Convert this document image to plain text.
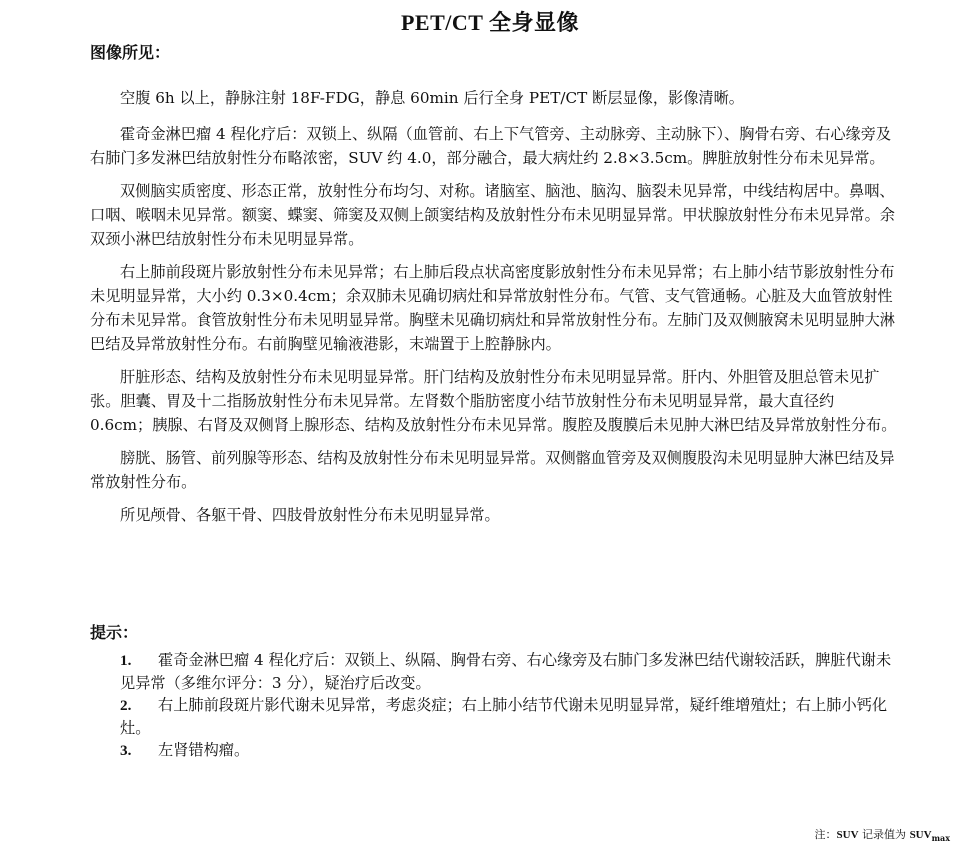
PET/CT 全身显像
图像所见：

空腹 6h 以上，静脉注射 18F-FDG，静息 60min 后行全身 PET/CT 断层显像，影像清晰。

霍奇金淋巴瘤 4 程化疗后：双锁上、纵隔（血管前、右上下气管旁、主动脉旁、主动脉下）、胸骨右旁、右心缘旁及右肺门多发淋巴结放射性分布略浓密，SUV 约 4.0，部分融合，最大病灶约 2.8×3.5cm。脾脏放射性分布未见异常。

双侧脑实质密度、形态正常，放射性分布均匀、对称。诸脑室、脑池、脑沟、脑裂未见异常，中线结构居中。鼻咽、口咽、喉咽未见异常。额窦、蝶窦、筛窦及双侧上颌窦结构及放射性分布未见明显异常。甲状腺放射性分布未见异常。余双颈小淋巴结放射性分布未见明显异常。

右上肺前段斑片影放射性分布未见异常；右上肺后段点状高密度影放射性分布未见异常；右上肺小结节影放射性分布未见明显异常，大小约 0.3×0.4cm；余双肺未见确切病灶和异常放射性分布。气管、支气管通畅。心脏及大血管放射性分布未见异常。食管放射性分布未见明显异常。胸壁未见确切病灶和异常放射性分布。左肺门及双侧腋窝未见明显肿大淋巴结及异常放射性分布。右前胸壁见输液港影，末端置于上腔静脉内。

肝脏形态、结构及放射性分布未见明显异常。肝门结构及放射性分布未见明显异常。肝内、外胆管及胆总管未见扩张。胆囊、胃及十二指肠放射性分布未见异常。左肾数个脂肪密度小结节放射性分布未见明显异常，最大直径约 0.6cm；胰腺、右肾及双侧肾上腺形态、结构及放射性分布未见异常。腹腔及腹膜后未见肿大淋巴结及异常放射性分布。

膀胱、肠管、前列腺等形态、结构及放射性分布未见明显异常。双侧髂血管旁及双侧腹股沟未见明显肿大淋巴结及异常放射性分布。

所见颅骨、各躯干骨、四肢骨放射性分布未见明显异常。

提示：
1. 霍奇金淋巴瘤 4 程化疗后：双锁上、纵隔、胸骨右旁、右心缘旁及右肺门多发淋巴结代谢较活跃，脾脏代谢未见异常（多维尔评分：3 分），疑治疗后改变。
2. 右上肺前段斑片影代谢未见异常，考虑炎症；右上肺小结节代谢未见明显异常，疑纤维增殖灶；右上肺小钙化灶。
3. 左肾错构瘤。
注：SUV 记录值为 $SUV_{max}$
